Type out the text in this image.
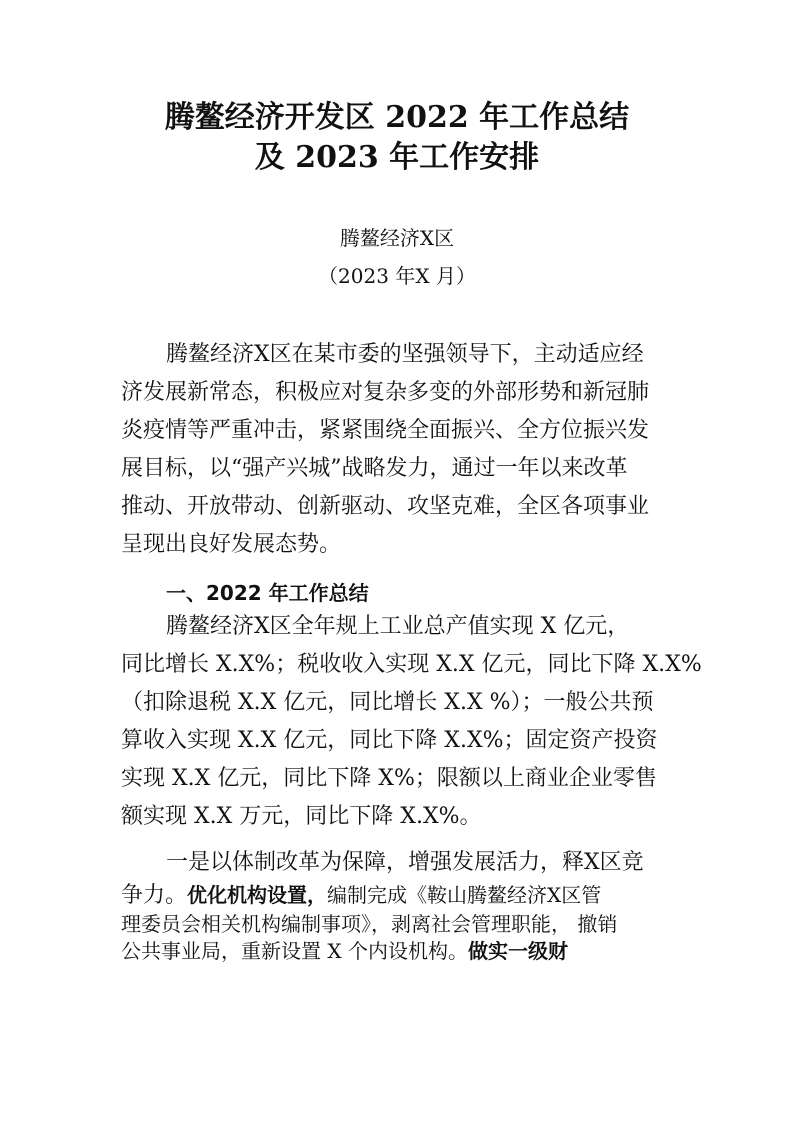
腾鳌经济开发区 2022 年工作总结
及 2023 年工作安排
腾鳌经济X区
（2023 年X 月）
腾鳌经济X区在某市委的坚强领导下，主动适应经
济发展新常态，积极应对复杂多变的外部形势和新冠肺
炎疫情等严重冲击，紧紧围绕全面振兴、全方位振兴发
展目标，以“强产兴城”战略发力，通过一年以来改革
推动、开放带动、创新驱动、攻坚克难，全区各项事业
呈现出良好发展态势。
一、2022 年工作总结
腾鳌经济X区全年规上工业总产值实现 X 亿元，
同比增长 X.X%；税收收入实现 X.X 亿元，同比下降 X.X%
（扣除退税 X.X 亿元，同比增长 X.X %）；一般公共预
算收入实现 X.X 亿元，同比下降 X.X%；固定资产投资
实现 X.X 亿元，同比下降 X%；限额以上商业企业零售
额实现 X.X 万元，同比下降 X.X%。
一是以体制改革为保障，增强发展活力，释X区竞
争力。优化机构设置，编制完成《鞍山腾鳌经济X区管
理委员会相关机构编制事项》，剥离社会管理职能， 撤销
公共事业局，重新设置 X 个内设机构。做实一级财
